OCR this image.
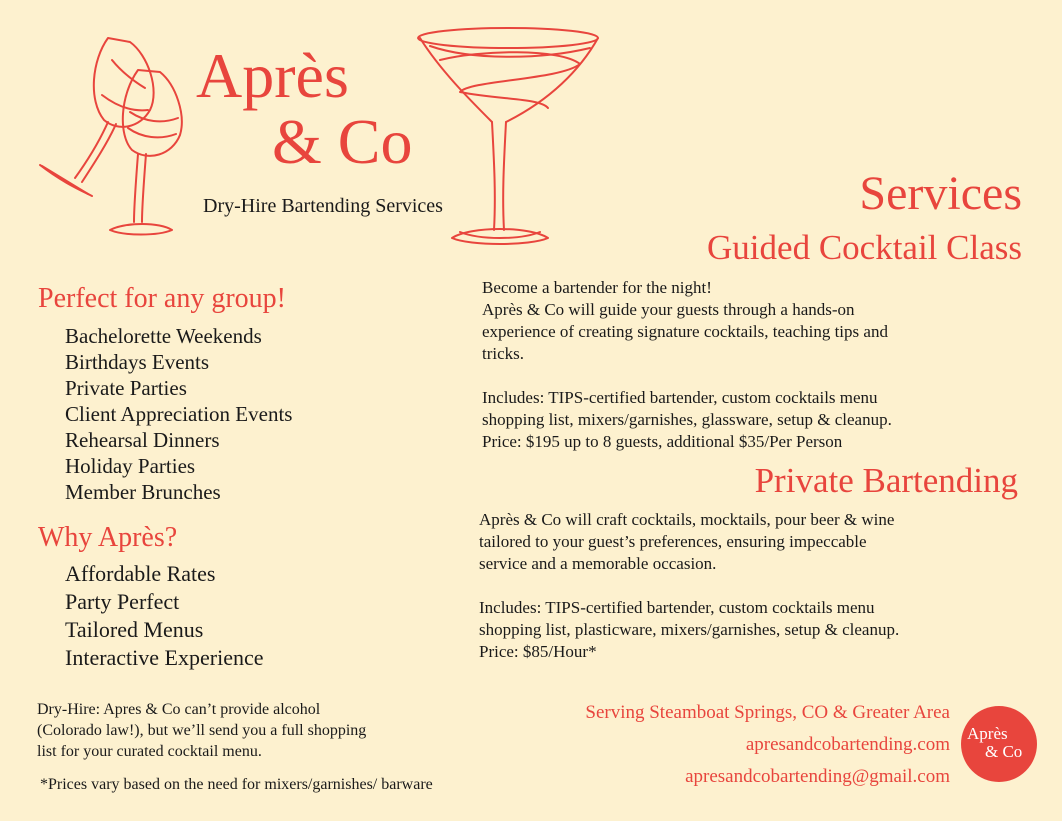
Après
& Co
Dry-Hire Bartending Services	Services
Guided Cocktail Class

Become a bartender for the night!

Après & Co will guide your guests through a hands-on

experience of creating signature cocktails, teaching tips and

tricks.

Includes: TIPS-certified bartender, custom cocktails menu

shopping list, mixers/garnishes, glassware, setup & cleanup.

Price: $195 up to 8 guests, additional $35/Per Person

Private Bartending

Après & Co will craft cocktails, mocktails, pour beer & wine

tailored to your guest’s preferences, ensuring impeccable

service and a memorable occasion.

Includes: TIPS-certified bartender, custom cocktails menu

shopping list, plasticware, mixers/garnishes, setup & cleanup.

Price: $85/Hour*

Perfect for any group!
Bachelorette Weekends
Birthdays Events
Private Parties
Client Appreciation Events
Rehearsal Dinners
Holiday Parties
Member Brunches
Why Après?
Affordable Rates
Party Perfect
Tailored Menus
Interactive Experience
Dry-Hire: Apres & Co can’t provide alcohol
(Colorado law!), but we’ll send you a full shopping
list for your curated cocktail menu.

*Prices vary based on the need for mixers/garnishes/ barware

Serving Steamboat Springs, CO & Greater Area
apresandcobartending.com
apresandcobartending@gmail.com
Après
& Co
